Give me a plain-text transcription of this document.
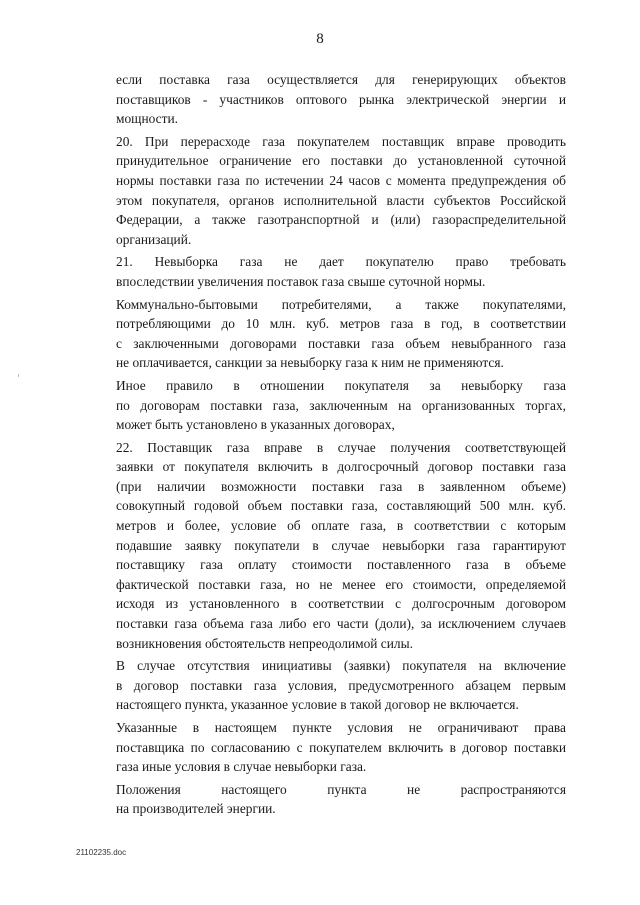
8
если поставка газа осуществляется для генерирующих объектов
поставщиков - участников оптового рынка электрической энергии и
мощности.
20. При перерасходе газа покупателем поставщик вправе проводить
принудительное ограничение его поставки до установленной суточной
нормы поставки газа по истечении 24 часов с момента предупреждения об
этом покупателя, органов исполнительной власти субъектов Российской
Федерации, а также газотранспортной и (или) газораспределительной
организаций.
21. Невыборка газа не дает покупателю право требовать
впоследствии увеличения поставок газа свыше суточной нормы.
Коммунально-бытовыми потребителями, а также покупателями,
потребляющими до 10 млн. куб. метров газа в год, в соответствии
с заключенными договорами поставки газа объем невыбранного газа
не оплачивается, санкции за невыборку газа к ним не применяются.
Иное правило в отношении покупателя за невыборку газа
по договорам поставки газа, заключенным на организованных торгах,
может быть установлено в указанных договорах,
22. Поставщик газа вправе в случае получения соответствующей
заявки от покупателя включить в долгосрочный договор поставки газа
(при наличии возможности поставки газа в заявленном объеме)
совокупный годовой объем поставки газа, составляющий 500 млн. куб.
метров и более, условие об оплате газа, в соответствии с которым
подавшие заявку покупатели в случае невыборки газа гарантируют
поставщику газа оплату стоимости поставленного газа в объеме
фактической поставки газа, но не менее его стоимости, определяемой
исходя из установленного в соответствии с долгосрочным договором
поставки газа объема газа либо его части (доли), за исключением случаев
возникновения обстоятельств непреодолимой силы.
В случае отсутствия инициативы (заявки) покупателя на включение
в договор поставки газа условия, предусмотренного абзацем первым
настоящего пункта, указанное условие в такой договор не включается.
Указанные в настоящем пункте условия не ограничивают права
поставщика по согласованию с покупателем включить в договор поставки
газа иные условия в случае невыборки газа.
Положения настоящего пункта не распространяются
на производителей энергии.
21102235.doc
